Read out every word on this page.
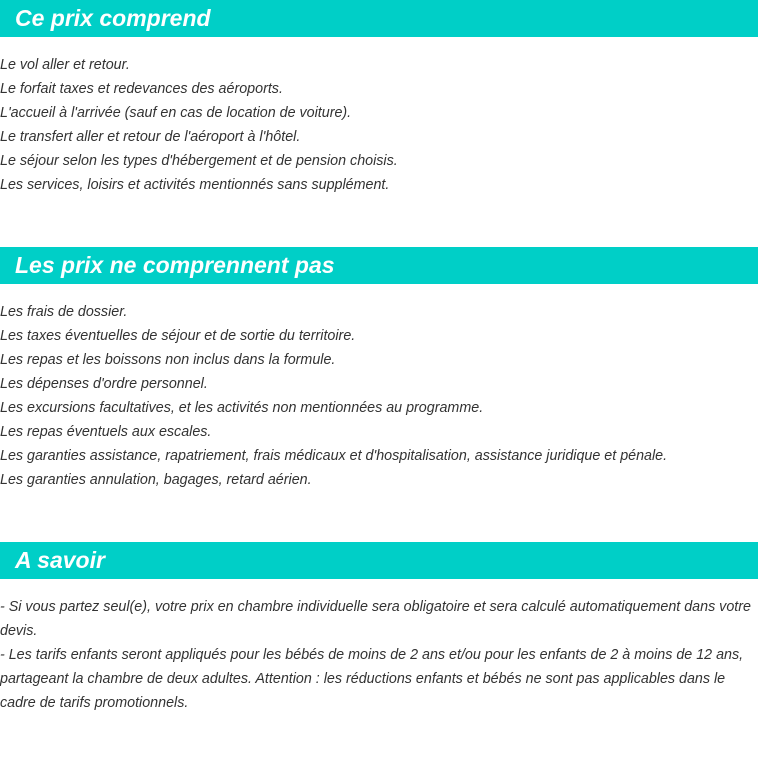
Ce prix comprend
Le vol aller et retour.
Le forfait taxes et redevances des aéroports.
L'accueil à l'arrivée (sauf en cas de location de voiture).
Le transfert aller et retour de l'aéroport à l'hôtel.
Le séjour selon les types d'hébergement et de pension choisis.
Les services, loisirs et activités mentionnés sans supplément.
Les prix ne comprennent pas
Les frais de dossier.
Les taxes éventuelles de séjour et de sortie du territoire.
Les repas et les boissons non inclus dans la formule.
Les dépenses d'ordre personnel.
Les excursions facultatives, et les activités non mentionnées au programme.
Les repas éventuels aux escales.
Les garanties assistance, rapatriement, frais médicaux et d'hospitalisation, assistance juridique et pénale.
Les garanties annulation, bagages, retard aérien.
A savoir

- Si vous partez seul(e), votre prix en chambre individuelle sera obligatoire et sera calculé automatiquement dans votre devis.

- Les tarifs enfants seront appliqués pour les bébés de moins de 2 ans et/ou pour les enfants de 2 à moins de 12 ans, partageant la chambre de deux adultes. Attention : les réductions enfants et bébés ne sont pas applicables dans le cadre de tarifs promotionnels.
